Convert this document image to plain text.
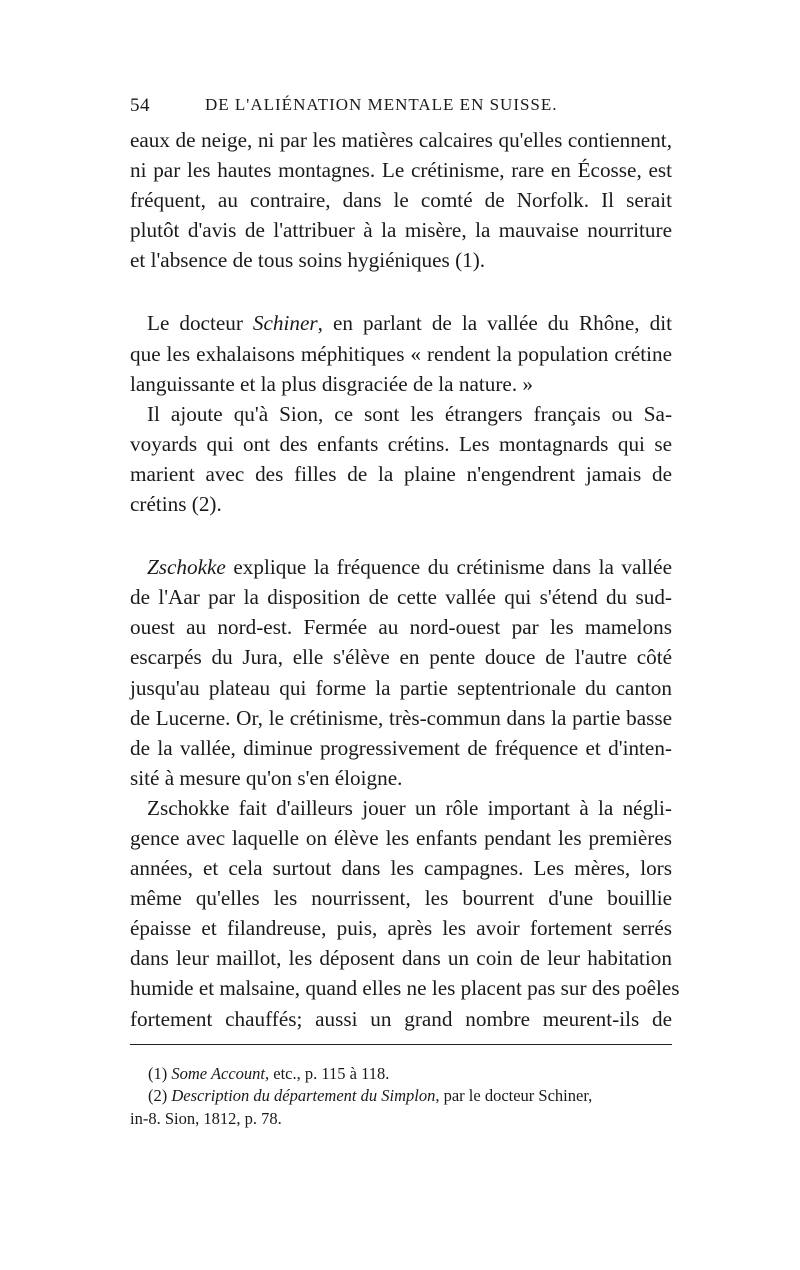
54	DE L'ALIÉNATION MENTALE EN SUISSE.
eaux de neige, ni par les matières calcaires qu'elles contiennent,
ni par les hautes montagnes. Le crétinisme, rare en Écosse, est
fréquent, au contraire, dans le comté de Norfolk. Il serait
plutôt d'avis de l'attribuer à la misère, la mauvaise nourriture
et l'absence de tous soins hygiéniques (1).
Le docteur Schiner, en parlant de la vallée du Rhône, dit
que les exhalaisons méphitiques « rendent la population crétine
languissante et la plus disgraciée de la nature. »
Il ajoute qu'à Sion, ce sont les étrangers français ou Sa-
voyards qui ont des enfants crétins. Les montagnards qui se
marient avec des filles de la plaine n'engendrent jamais de
crétins (2).
Zschokke explique la fréquence du crétinisme dans la vallée
de l'Aar par la disposition de cette vallée qui s'étend du sud-
ouest au nord-est. Fermée au nord-ouest par les mamelons
escarpés du Jura, elle s'élève en pente douce de l'autre côté
jusqu'au plateau qui forme la partie septentrionale du canton
de Lucerne. Or, le crétinisme, très-commun dans la partie basse
de la vallée, diminue progressivement de fréquence et d'inten-
sité à mesure qu'on s'en éloigne.
Zschokke fait d'ailleurs jouer un rôle important à la négli-
gence avec laquelle on élève les enfants pendant les premières
années, et cela surtout dans les campagnes. Les mères, lors
même qu'elles les nourrissent, les bourrent d'une bouillie
épaisse et filandreuse, puis, après les avoir fortement serrés
dans leur maillot, les déposent dans un coin de leur habitation
humide et malsaine, quand elles ne les placent pas sur des poêles
fortement chauffés; aussi un grand nombre meurent-ils de
(1) Some Account, etc., p. 115 à 118.
(2) Description du département du Simplon, par le docteur Schiner,
in-8. Sion, 1812, p. 78.
